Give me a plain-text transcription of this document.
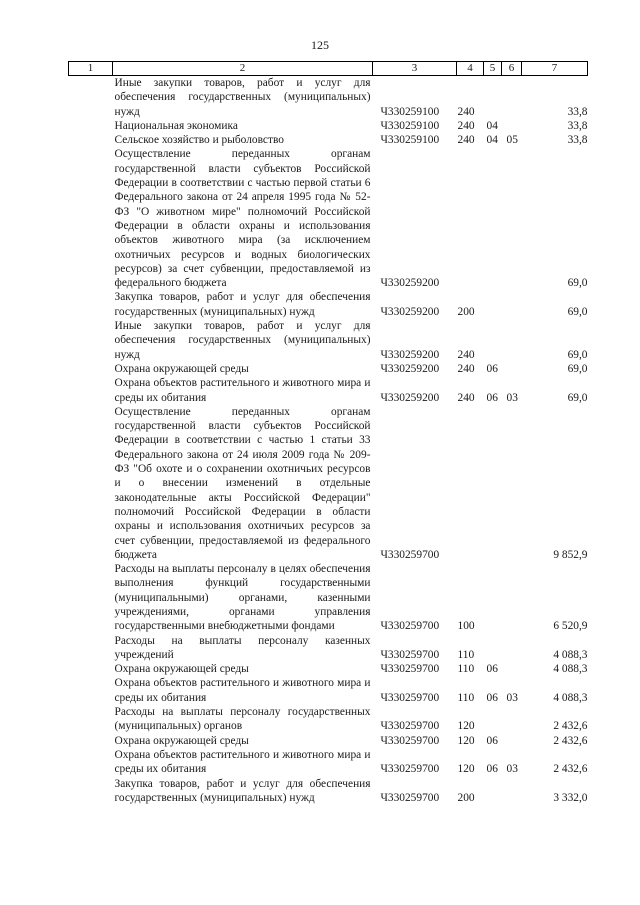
125
1	2	3	4	5	6	7
	Иные закупки товаров, работ и услуг для обеспечения государственных (муниципальных) нужд	Ч330259100	240			33,8
	Национальная экономика	Ч330259100	240	04		33,8
	Сельское хозяйство и рыболовство	Ч330259100	240	04	05	33,8
	Осуществление переданных органам государственной власти субъектов Российской Федерации в соответствии с частью первой статьи 6 Федерального закона от 24 апреля 1995 года № 52-ФЗ "О животном мире" полномочий Российской Федерации в области охраны и использования объектов животного мира (за исключением охотничьих ресурсов и водных биологических ресурсов) за счет субвенции, предоставляемой из федерального бюджета	Ч330259200				69,0
	Закупка товаров, работ и услуг для обеспечения государственных (муниципальных) нужд	Ч330259200	200			69,0
	Иные закупки товаров, работ и услуг для обеспечения государственных (муниципальных) нужд	Ч330259200	240			69,0
	Охрана окружающей среды	Ч330259200	240	06		69,0
	Охрана объектов растительного и животного мира и среды их обитания	Ч330259200	240	06	03	69,0
	Осуществление переданных органам государственной власти субъектов Российской Федерации в соответствии с частью 1 статьи 33 Федерального закона от 24 июля 2009 года № 209-ФЗ "Об охоте и о сохранении охотничьих ресурсов и о внесении изменений в отдельные законодательные акты Российской Федерации" полномочий Российской Федерации в области охраны и использования охотничьих ресурсов за счет субвенции, предоставляемой из федерального бюджета	Ч330259700				9 852,9
	Расходы на выплаты персоналу в целях обеспечения выполнения функций государственными (муниципальными) органами, казенными учреждениями, органами управления государственными внебюджетными фондами	Ч330259700	100			6 520,9
	Расходы на выплаты персоналу казенных учреждений	Ч330259700	110			4 088,3
	Охрана окружающей среды	Ч330259700	110	06		4 088,3
	Охрана объектов растительного и животного мира и среды их обитания	Ч330259700	110	06	03	4 088,3
	Расходы на выплаты персоналу государственных (муниципальных) органов	Ч330259700	120			2 432,6
	Охрана окружающей среды	Ч330259700	120	06		2 432,6
	Охрана объектов растительного и животного мира и среды их обитания	Ч330259700	120	06	03	2 432,6
	Закупка товаров, работ и услуг для обеспечения государственных (муниципальных) нужд	Ч330259700	200			3 332,0
